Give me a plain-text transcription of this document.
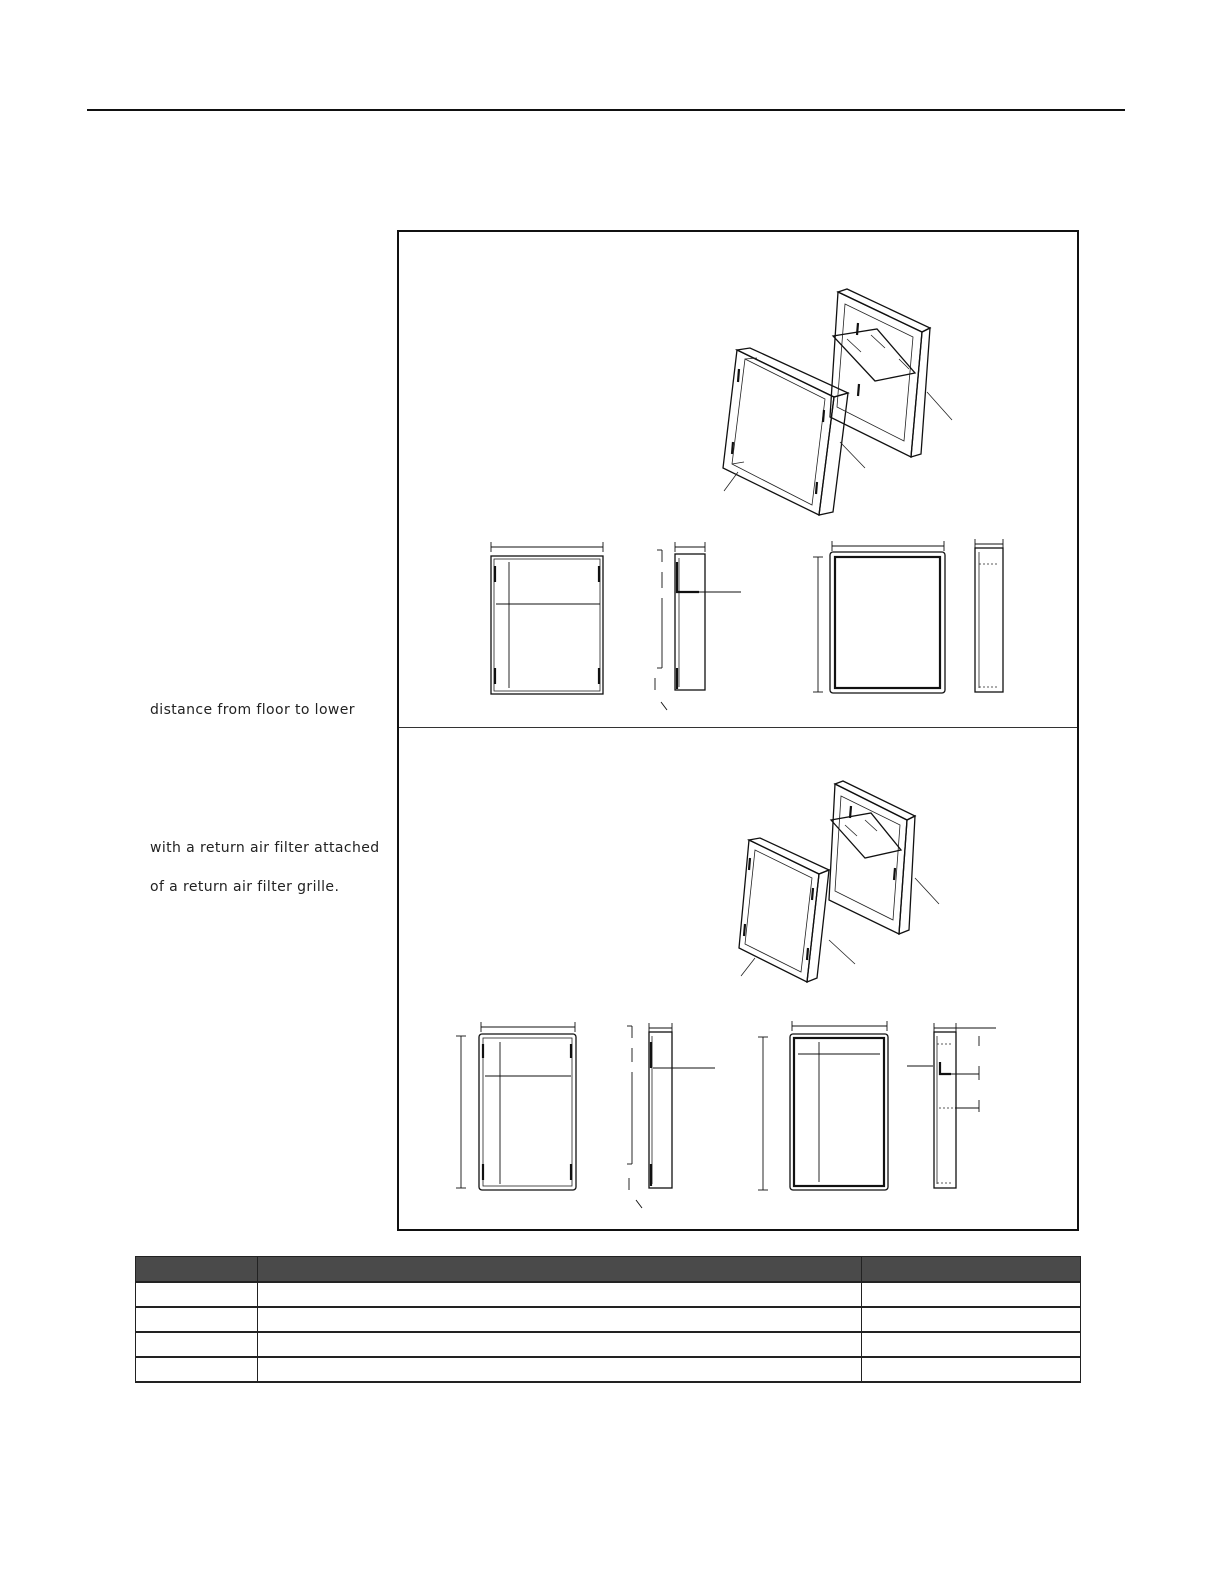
distance from floor to lower
with a return air filter attached
of a return air filter grille.
